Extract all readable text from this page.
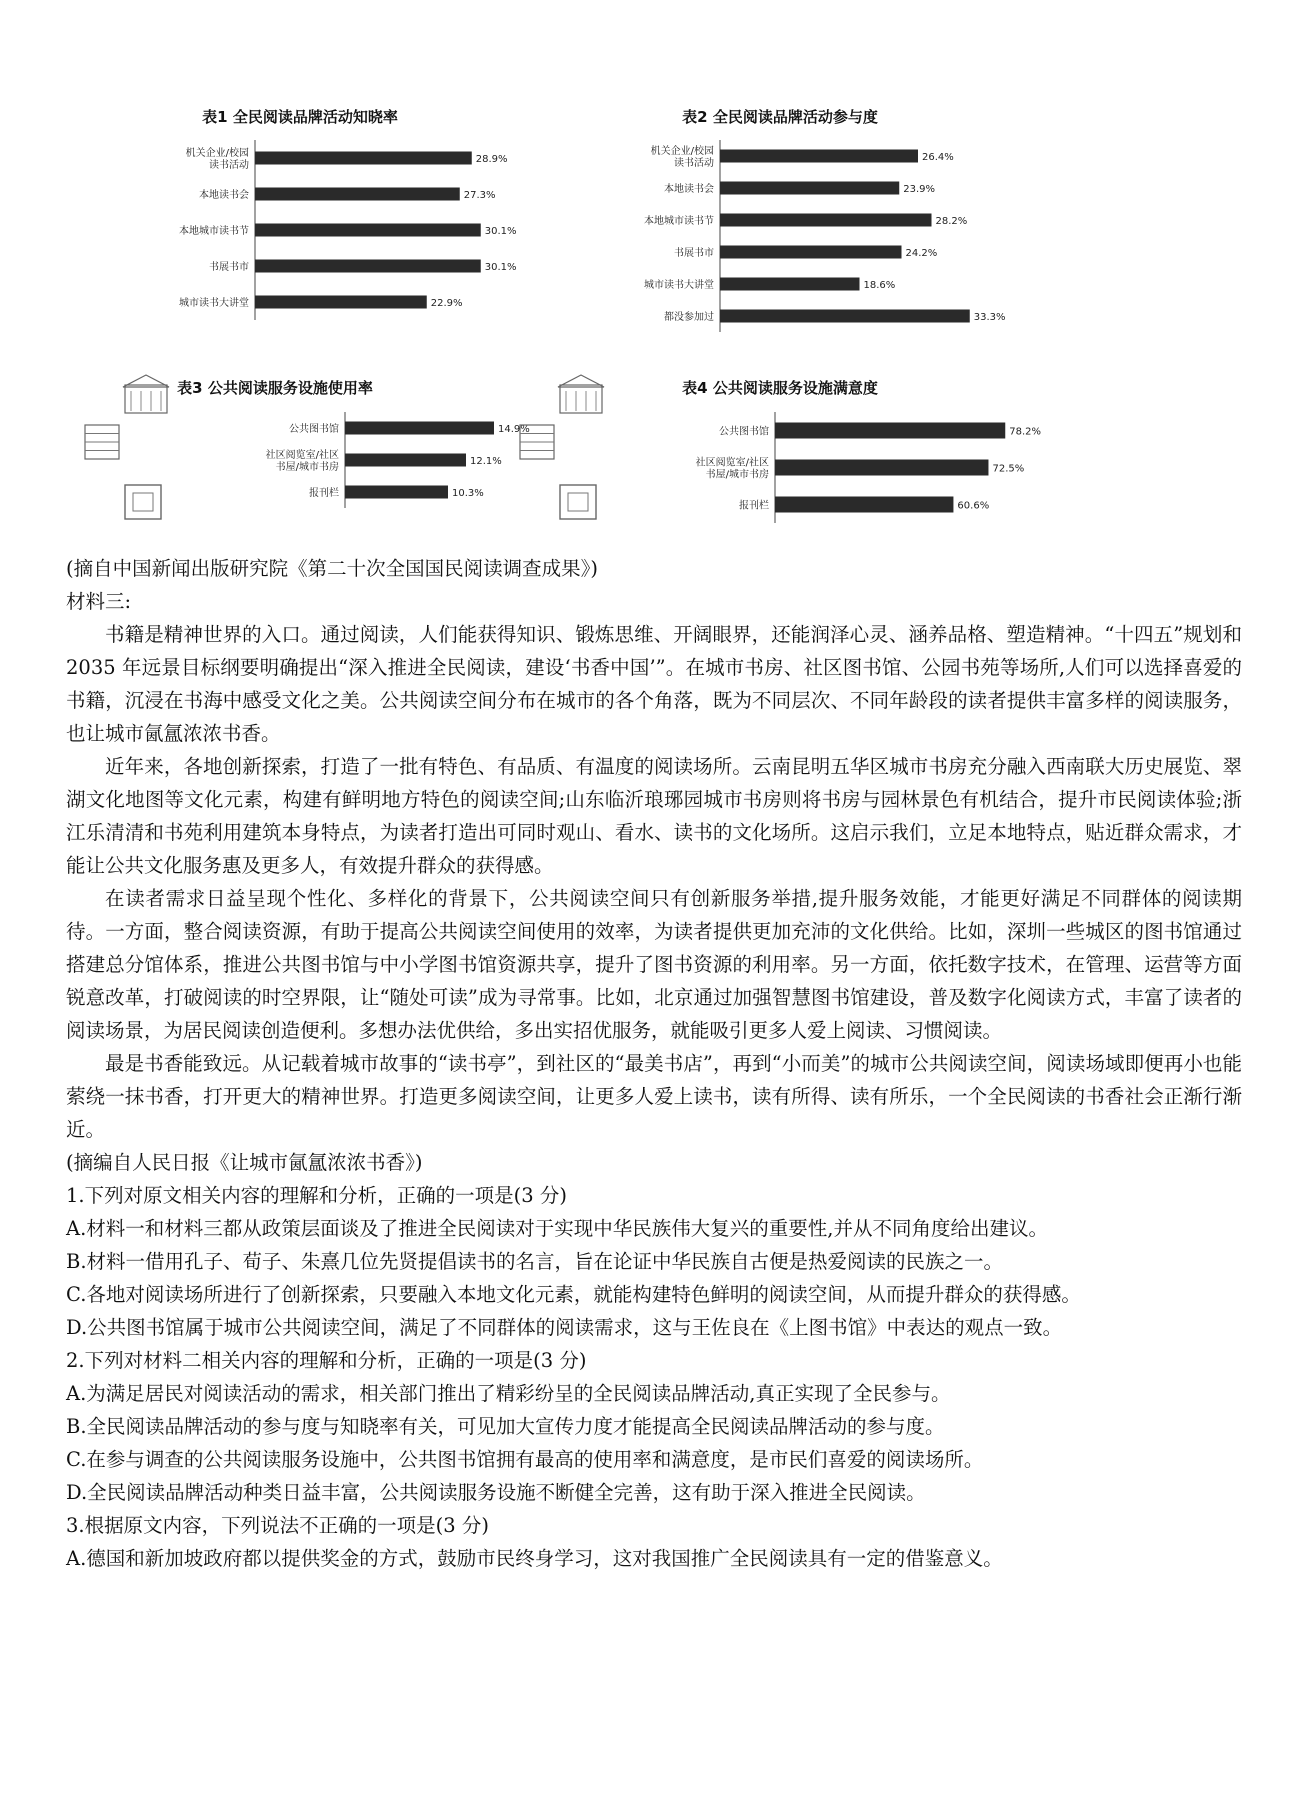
表1 全民阅读品牌活动知晓率
28.9%
机关企业/校园
读书活动
27.3%
本地读书会
30.1%
本地城市读书节
30.1%
书展书市
22.9%
城市读书大讲堂
表2 全民阅读品牌活动参与度
26.4%
机关企业/校园
读书活动
23.9%
本地读书会
28.2%
本地城市读书节
24.2%
书展书市
18.6%
城市读书大讲堂
33.3%
都没参加过
表3 公共阅读服务设施使用率
14.9%
公共图书馆
12.1%
社区阅览室/社区
书屋/城市书房
10.3%
报刊栏
表4 公共阅读服务设施满意度
78.2%
公共图书馆
72.5%
社区阅览室/社区
书屋/城市书房
60.6%
报刊栏

(摘自中国新闻出版研究院《第二十次全国国民阅读调查成果》)

材料三:

书籍是精神世界的入口。通过阅读，人们能获得知识、锻炼思维、开阔眼界，还能润泽心灵、涵养品格、塑造精神。“十四五”规划和 2035 年远景目标纲要明确提出“深入推进全民阅读，建设‘书香中国’”。在城市书房、社区图书馆、公园书苑等场所,人们可以选择喜爱的书籍，沉浸在书海中感受文化之美。公共阅读空间分布在城市的各个角落，既为不同层次、不同年龄段的读者提供丰富多样的阅读服务，也让城市氤氲浓浓书香。

近年来，各地创新探索，打造了一批有特色、有品质、有温度的阅读场所。云南昆明五华区城市书房充分融入西南联大历史展览、翠湖文化地图等文化元素，构建有鲜明地方特色的阅读空间;山东临沂琅琊园城市书房则将书房与园林景色有机结合，提升市民阅读体验;浙江乐清清和书苑利用建筑本身特点，为读者打造出可同时观山、看水、读书的文化场所。这启示我们，立足本地特点，贴近群众需求，才能让公共文化服务惠及更多人，有效提升群众的获得感。

在读者需求日益呈现个性化、多样化的背景下，公共阅读空间只有创新服务举措,提升服务效能，才能更好满足不同群体的阅读期待。一方面，整合阅读资源，有助于提高公共阅读空间使用的效率，为读者提供更加充沛的文化供给。比如，深圳一些城区的图书馆通过搭建总分馆体系，推进公共图书馆与中小学图书馆资源共享，提升了图书资源的利用率。另一方面，依托数字技术，在管理、运营等方面锐意改革，打破阅读的时空界限，让“随处可读”成为寻常事。比如，北京通过加强智慧图书馆建设，普及数字化阅读方式，丰富了读者的阅读场景，为居民阅读创造便利。多想办法优供给，多出实招优服务，就能吸引更多人爱上阅读、习惯阅读。

最是书香能致远。从记载着城市故事的“读书亭”，到社区的“最美书店”，再到“小而美”的城市公共阅读空间，阅读场域即便再小也能萦绕一抹书香，打开更大的精神世界。打造更多阅读空间，让更多人爱上读书，读有所得、读有所乐，一个全民阅读的书香社会正渐行渐近。

(摘编自人民日报《让城市氤氲浓浓书香》)

1.下列对原文相关内容的理解和分析，正确的一项是(3 分)

A.材料一和材料三都从政策层面谈及了推进全民阅读对于实现中华民族伟大复兴的重要性,并从不同角度给出建议。

B.材料一借用孔子、荀子、朱熹几位先贤提倡读书的名言，旨在论证中华民族自古便是热爱阅读的民族之一。

C.各地对阅读场所进行了创新探索，只要融入本地文化元素，就能构建特色鲜明的阅读空间，从而提升群众的获得感。

D.公共图书馆属于城市公共阅读空间，满足了不同群体的阅读需求，这与王佐良在《上图书馆》中表达的观点一致。

2.下列对材料二相关内容的理解和分析，正确的一项是(3 分)

A.为满足居民对阅读活动的需求，相关部门推出了精彩纷呈的全民阅读品牌活动,真正实现了全民参与。

B.全民阅读品牌活动的参与度与知晓率有关，可见加大宣传力度才能提高全民阅读品牌活动的参与度。

C.在参与调查的公共阅读服务设施中，公共图书馆拥有最高的使用率和满意度，是市民们喜爱的阅读场所。

D.全民阅读品牌活动种类日益丰富，公共阅读服务设施不断健全完善，这有助于深入推进全民阅读。

3.根据原文内容，下列说法不正确的一项是(3 分)

A.德国和新加坡政府都以提供奖金的方式，鼓励市民终身学习，这对我国推广全民阅读具有一定的借鉴意义。
